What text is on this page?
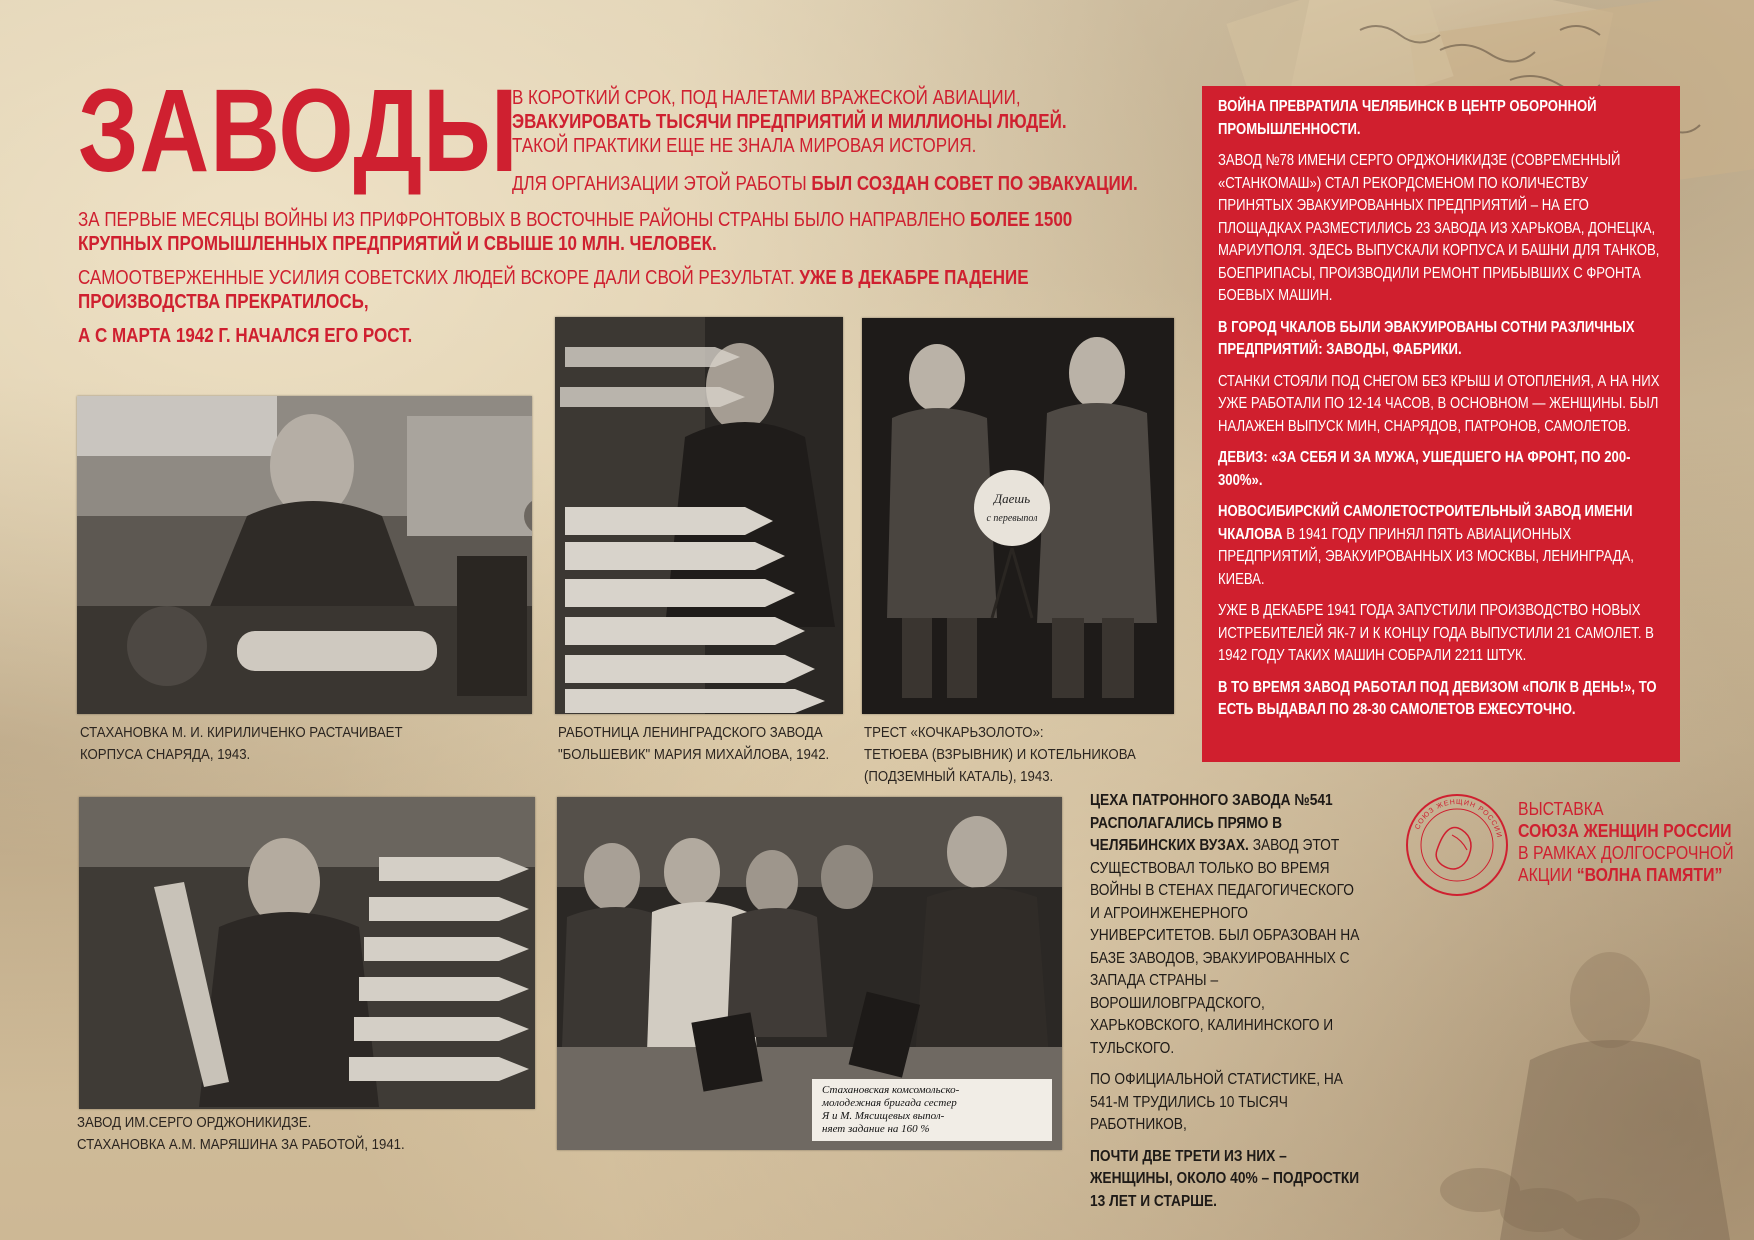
ЗАВОДЫ

В КОРОТКИЙ СРОК, ПОД НАЛЕТАМИ ВРАЖЕСКОЙ АВИАЦИИ,

ЭВАКУИРОВАТЬ ТЫСЯЧИ ПРЕДПРИЯТИЙ И МИЛЛИОНЫ ЛЮДЕЙ.

ТАКОЙ ПРАКТИКИ ЕЩЕ НЕ ЗНАЛА МИРОВАЯ ИСТОРИЯ.

ДЛЯ ОРГАНИЗАЦИИ ЭТОЙ РАБОТЫ БЫЛ СОЗДАН СОВЕТ ПО ЭВАКУАЦИИ.

ЗА ПЕРВЫЕ МЕСЯЦЫ ВОЙНЫ ИЗ ПРИФРОНТОВЫХ В ВОСТОЧНЫЕ РАЙОНЫ СТРАНЫ БЫЛО НАПРАВЛЕНО БОЛЕЕ 1500 КРУПНЫХ ПРОМЫШЛЕННЫХ ПРЕДПРИЯТИЙ И СВЫШЕ 10 МЛН. ЧЕЛОВЕК.

САМООТВЕРЖЕННЫЕ УСИЛИЯ СОВЕТСКИХ ЛЮДЕЙ ВСКОРЕ ДАЛИ СВОЙ РЕЗУЛЬТАТ. УЖЕ В ДЕКАБРЕ ПАДЕНИЕ ПРОИЗВОДСТВА ПРЕКРАТИЛОСЬ,

А С МАРТА 1942 Г. НАЧАЛСЯ ЕГО РОСТ.

СТАХАНОВКА М. И. КИРИЛИЧЕНКО РАСТАЧИВАЕТ
КОРПУСА СНАРЯДА, 1943.
РАБОТНИЦА ЛЕНИНГРАДСКОГО ЗАВОДА
"БОЛЬШЕВИК" МАРИЯ МИХАЙЛОВА, 1942.
Даешь
с перевыпол
ТРЕСТ «КОЧКАРЬЗОЛОТО»:
ТЕТЮЕВА (ВЗРЫВНИК) И КОТЕЛЬНИКОВА
(ПОДЗЕМНЫЙ КАТАЛЬ), 1943.

ВОЙНА ПРЕВРАТИЛА ЧЕЛЯБИНСК В ЦЕНТР ОБОРОННОЙ ПРОМЫШЛЕННОСТИ.

ЗАВОД №78 ИМЕНИ СЕРГО ОРДЖОНИКИДЗЕ (СОВРЕМЕННЫЙ «СТАНКОМАШ») СТАЛ РЕКОРДСМЕНОМ ПО КОЛИЧЕСТВУ ПРИНЯТЫХ ЭВАКУИРОВАННЫХ ПРЕДПРИЯТИЙ – НА ЕГО ПЛОЩАДКАХ РАЗМЕСТИЛИСЬ 23 ЗАВОДА ИЗ ХАРЬКОВА, ДОНЕЦКА, МАРИУПОЛЯ. ЗДЕСЬ ВЫПУСКАЛИ КОРПУСА И БАШНИ ДЛЯ ТАНКОВ, БОЕПРИПАСЫ, ПРОИЗВОДИЛИ РЕМОНТ ПРИБЫВШИХ С ФРОНТА БОЕВЫХ МАШИН.

В ГОРОД ЧКАЛОВ БЫЛИ ЭВАКУИРОВАНЫ СОТНИ РАЗЛИЧНЫХ ПРЕДПРИЯТИЙ: ЗАВОДЫ, ФАБРИКИ.

СТАНКИ СТОЯЛИ ПОД СНЕГОМ БЕЗ КРЫШ И ОТОПЛЕНИЯ, А НА НИХ УЖЕ РАБОТАЛИ ПО 12-14 ЧАСОВ, В ОСНОВНОМ — ЖЕНЩИНЫ. БЫЛ НАЛАЖЕН ВЫПУСК МИН, СНАРЯДОВ, ПАТРОНОВ, САМОЛЕТОВ.

ДЕВИЗ: «ЗА СЕБЯ И ЗА МУЖА, УШЕДШЕГО НА ФРОНТ, ПО 200-300%».

НОВОСИБИРСКИЙ САМОЛЕТОСТРОИТЕЛЬНЫЙ ЗАВОД ИМЕНИ ЧКАЛОВА В 1941 ГОДУ ПРИНЯЛ ПЯТЬ АВИАЦИОННЫХ ПРЕДПРИЯТИЙ, ЭВАКУИРОВАННЫХ ИЗ МОСКВЫ, ЛЕНИНГРАДА, КИЕВА.

УЖЕ В ДЕКАБРЕ 1941 ГОДА ЗАПУСТИЛИ ПРОИЗВОДСТВО НОВЫХ ИСТРЕБИТЕЛЕЙ ЯК-7 И К КОНЦУ ГОДА ВЫПУСТИЛИ 21 САМОЛЕТ. В 1942 ГОДУ ТАКИХ МАШИН СОБРАЛИ 2211 ШТУК.

В ТО ВРЕМЯ ЗАВОД РАБОТАЛ ПОД ДЕВИЗОМ «ПОЛК В ДЕНЬ!», ТО ЕСТЬ ВЫДАВАЛ ПО 28-30 САМОЛЕТОВ ЕЖЕСУТОЧНО.

ЗАВОД ИМ.СЕРГО ОРДЖОНИКИДЗЕ.
СТАХАНОВКА А.М. МАРЯШИНА ЗА РАБОТОЙ, 1941.
Стахановская комсомольско-
молодежная бригада сестер
Я и М. Мясищевых выпол-
няет задание на 160 %

ЦЕХА ПАТРОННОГО ЗАВОДА №541 РАСПОЛАГАЛИСЬ ПРЯМО В ЧЕЛЯБИНСКИХ ВУЗАХ. ЗАВОД ЭТОТ СУЩЕСТВОВАЛ ТОЛЬКО ВО ВРЕМЯ ВОЙНЫ В СТЕНАХ ПЕДАГОГИЧЕСКОГО И АГРОИНЖЕНЕРНОГО УНИВЕРСИТЕТОВ. БЫЛ ОБРАЗОВАН НА БАЗЕ ЗАВОДОВ, ЭВАКУИРОВАННЫХ С ЗАПАДА СТРАНЫ – ВОРОШИЛОВГРАДСКОГО, ХАРЬКОВСКОГО, КАЛИНИНСКОГО И ТУЛЬСКОГО.

ПО ОФИЦИАЛЬНОЙ СТАТИСТИКЕ, НА 541-М ТРУДИЛИСЬ 10 ТЫСЯЧ РАБОТНИКОВ,

ПОЧТИ ДВЕ ТРЕТИ ИЗ НИХ – ЖЕНЩИНЫ, ОКОЛО 40% – ПОДРОСТКИ 13 ЛЕТ И СТАРШЕ.

СОЮЗ ЖЕНЩИН РОССИИ
ВЫСТАВКА
СОЮЗА ЖЕНЩИН РОССИИ
В РАМКАХ ДОЛГОСРОЧНОЙ
АКЦИИ “ВОЛНА ПАМЯТИ”
